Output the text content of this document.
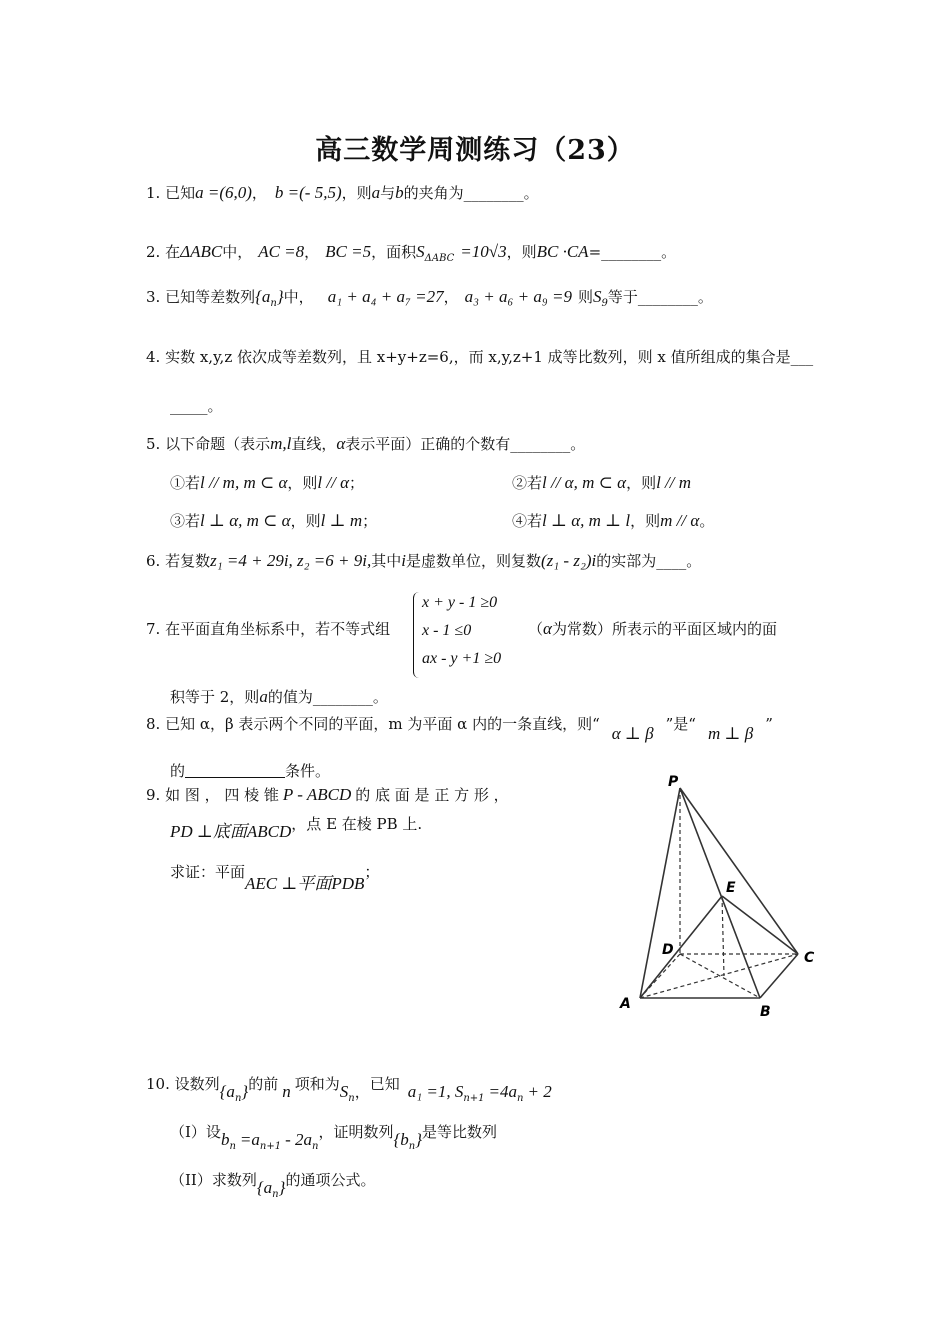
高三数学周测练习（23）
1. 已知a =(6,0)， b =(- 5,5)，则a与b的夹角为________。
2. 在ΔABC中， AC =8， BC =5，面积$S_{\Delta ABC} =10√3$，则BC ·CA=________。
3. 已知等差数列$\{a_n\}$中， a₁ + a₄ + a₇ =27， a₃ + a₆ + a₉ =9 则$S_9$等于________。
4. 实数 x,y,z 依次成等差数列，且 x+y+z=6,，而 x,y,z+1 成等比数列，则 x 值所组成的集合是___
_____。
5. 以下命题（表示m,l直线，α表示平面）正确的个数有________。
①若l // m, m ⊂ α，则l // α；	②若l // α, m ⊂ α，则l // m
③若l ⊥ α, m ⊂ α，则l ⊥ m；	④若l ⊥ α, m ⊥ l，则m // α。
6. 若复数z₁ =4 + 29i, z₂ =6 + 9i,其中i是虚数单位，则复数(z₁ - z₂)i的实部为____。
7. 在平面直角坐标系中，若不等式组
x + y - 1 ≥0
x - 1 ≤0
ax - y +1 ≥0
（α为常数）所表示的平面区域内的面
积等于 2，则a的值为________。
8. 已知 α，β 表示两个不同的平面，m 为平面 α 内的一条直线，则“ α ⊥ β ”是“ m ⊥ β ”
的	条件。
9. 如 图 ， 四 棱 锥 P - ABCD 的 底 面 是 正 方 形 ，
PD ⊥底面ABCD，点 E 在棱 PB 上.
求证：平面AEC ⊥平面PDB；
P
E
D	C
A	B
10. 设数列$\{a_n\}$的前 n 项和为$S_n$，已知 a₁ =1, $S_{n+1} =4a_n + 2$
（I）设$b_n =a_{n+1} - 2a_n$，证明数列$\{b_n\}$是等比数列
（II）求数列$\{a_n\}$的通项公式。
